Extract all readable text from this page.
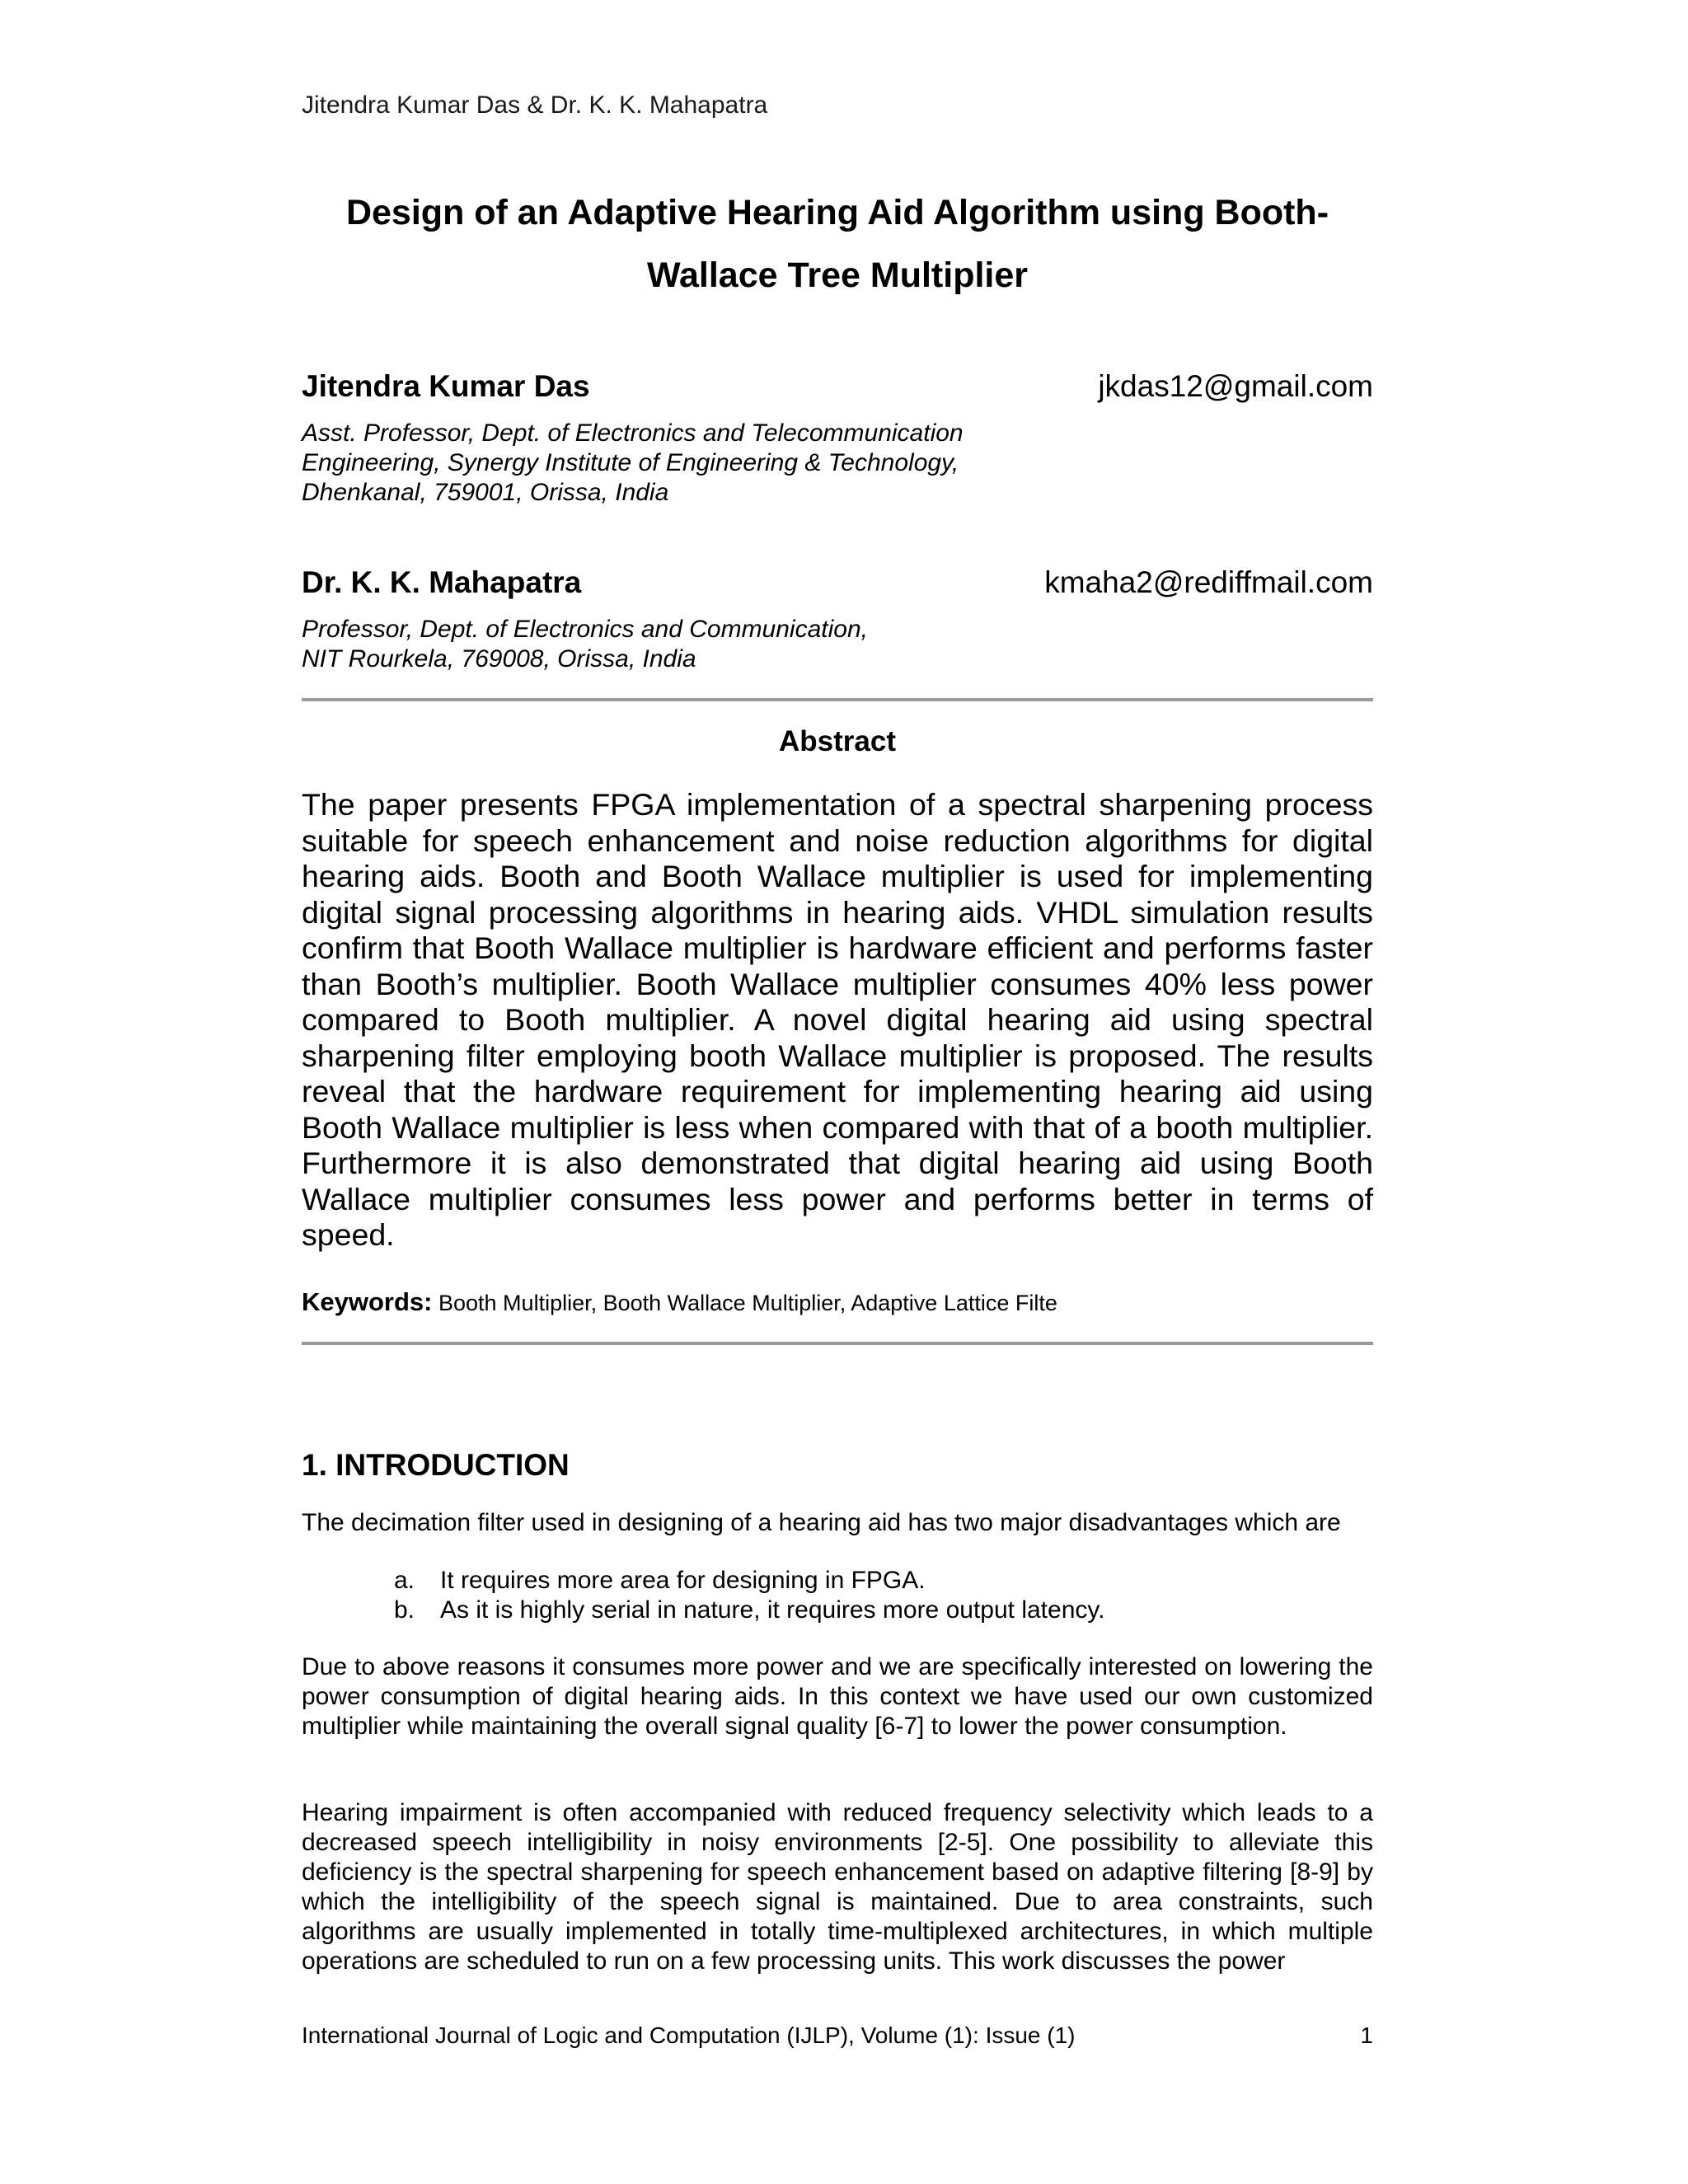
Jitendra Kumar Das & Dr. K. K. Mahapatra
Design of an Adaptive Hearing Aid Algorithm using Booth-
Wallace Tree Multiplier
Jitendra Kumar Das	jkdas12@gmail.com
Asst. Professor, Dept. of Electronics and Telecommunication
Engineering, Synergy Institute of Engineering & Technology,
Dhenkanal, 759001, Orissa, India
Dr. K. K. Mahapatra	kmaha2@rediffmail.com
Professor, Dept. of Electronics and Communication,
NIT Rourkela, 769008, Orissa, India
Abstract

The paper presents FPGA implementation of a spectral sharpening process suitable for speech enhancement and noise reduction algorithms for digital hearing aids. Booth and Booth Wallace multiplier is used for implementing digital signal processing algorithms in hearing aids. VHDL simulation results confirm that Booth Wallace multiplier is hardware efficient and performs faster than Booth’s multiplier. Booth Wallace multiplier consumes 40% less power compared to Booth multiplier. A novel digital hearing aid using spectral sharpening filter employing booth Wallace multiplier is proposed. The results reveal that the hardware requirement for implementing hearing aid using Booth Wallace multiplier is less when compared with that of a booth multiplier. Furthermore it is also demonstrated that digital hearing aid using Booth Wallace multiplier consumes less power and performs better in terms of speed.

Keywords: Booth Multiplier, Booth Wallace Multiplier, Adaptive Lattice Filte
1. INTRODUCTION

The decimation filter used in designing of a hearing aid has two major disadvantages which are

a.	It requires more area for designing in FPGA.
b.	As it is highly serial in nature, it requires more output latency.

Due to above reasons it consumes more power and we are specifically interested on lowering the power consumption of digital hearing aids. In this context we have used our own customized multiplier while maintaining the overall signal quality [6-7] to lower the power consumption.

Hearing impairment is often accompanied with reduced frequency selectivity which leads to a decreased speech intelligibility in noisy environments [2-5]. One possibility to alleviate this deficiency is the spectral sharpening for speech enhancement based on adaptive filtering [8-9] by which the intelligibility of the speech signal is maintained. Due to area constraints, such algorithms are usually implemented in totally time-multiplexed architectures, in which multiple operations are scheduled to run on a few processing units. This work discusses the power

International Journal of Logic and Computation (IJLP), Volume (1): Issue (1)	1
